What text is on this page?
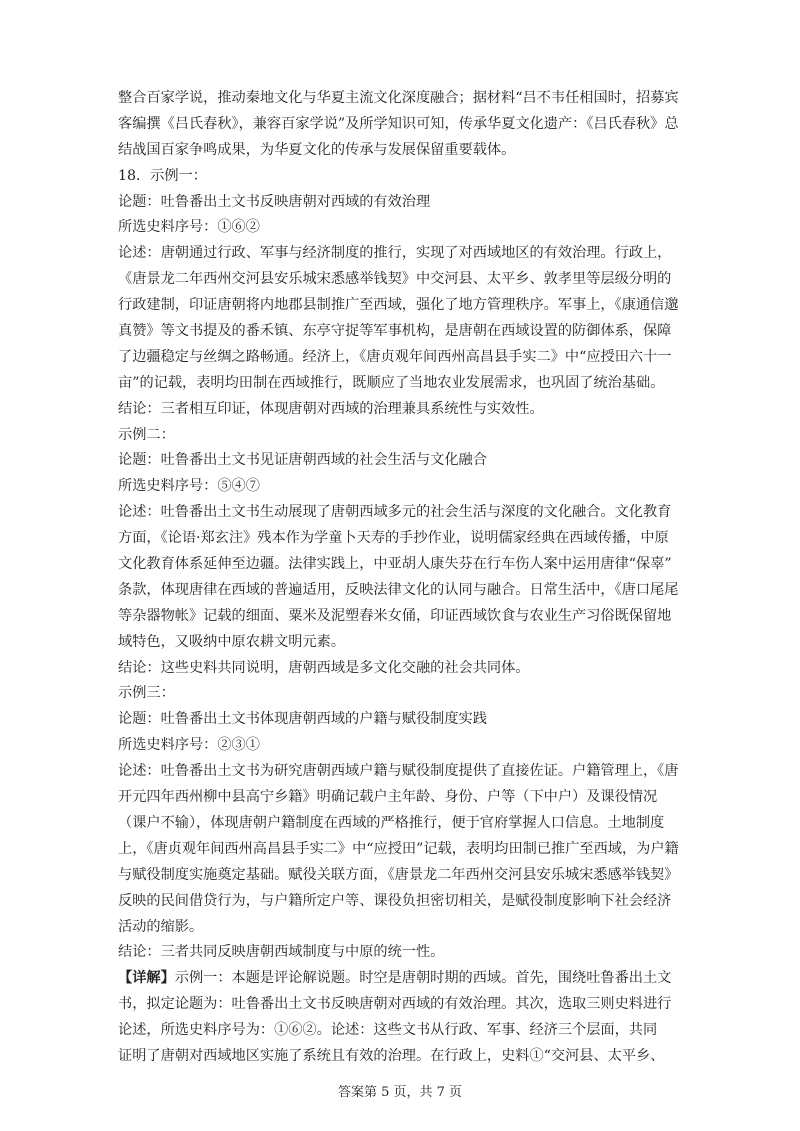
整合百家学说，推动秦地文化与华夏主流文化深度融合；据材料“吕不韦任相国时，招募宾
客编撰《吕氏春秋》，兼容百家学说”及所学知识可知，传承华夏文化遗产：《吕氏春秋》总
结战国百家争鸣成果，为华夏文化的传承与发展保留重要载体。
18．示例一：
论题：吐鲁番出土文书反映唐朝对西域的有效治理
所选史料序号：①⑥②
论述：唐朝通过行政、军事与经济制度的推行，实现了对西域地区的有效治理。行政上，
《唐景龙二年西州交河县安乐城宋悉感举钱契》中交河县、太平乡、敦孝里等层级分明的
行政建制，印证唐朝将内地郡县制推广至西域，强化了地方管理秩序。军事上，《康通信邈
真赞》等文书提及的番禾镇、东亭守捉等军事机构，是唐朝在西域设置的防御体系，保障
了边疆稳定与丝绸之路畅通。经济上，《唐贞观年间西州高昌县手实二》中“应授田六十一
亩”的记载，表明均田制在西域推行，既顺应了当地农业发展需求，也巩固了统治基础。
结论：三者相互印证，体现唐朝对西域的治理兼具系统性与实效性。
示例二：
论题：吐鲁番出土文书见证唐朝西域的社会生活与文化融合
所选史料序号：⑤④⑦
论述：吐鲁番出土文书生动展现了唐朝西域多元的社会生活与深度的文化融合。文化教育
方面，《论语·郑玄注》残本作为学童卜天寿的手抄作业，说明儒家经典在西域传播，中原
文化教育体系延伸至边疆。法律实践上，中亚胡人康失芬在行车伤人案中运用唐律“保辜”
条款，体现唐律在西域的普遍适用，反映法律文化的认同与融合。日常生活中，《唐口尾尾
等杂器物帐》记载的细面、粟米及泥塑舂米女俑，印证西域饮食与农业生产习俗既保留地
域特色，又吸纳中原农耕文明元素。
结论：这些史料共同说明，唐朝西域是多文化交融的社会共同体。
示例三：
论题：吐鲁番出土文书体现唐朝西域的户籍与赋役制度实践
所选史料序号：②③①
论述：吐鲁番出土文书为研究唐朝西域户籍与赋役制度提供了直接佐证。户籍管理上，《唐
开元四年西州柳中县高宁乡籍》明确记载户主年龄、身份、户等（下中户）及课役情况
（课户不输），体现唐朝户籍制度在西域的严格推行，便于官府掌握人口信息。土地制度
上，《唐贞观年间西州高昌县手实二》中“应授田”记载，表明均田制已推广至西域，为户籍
与赋役制度实施奠定基础。赋役关联方面，《唐景龙二年西州交河县安乐城宋悉感举钱契》
反映的民间借贷行为，与户籍所定户等、课役负担密切相关，是赋役制度影响下社会经济
活动的缩影。
结论：三者共同反映唐朝西域制度与中原的统一性。
【详解】示例一：本题是评论解说题。时空是唐朝时期的西域。首先，围绕吐鲁番出土文
书，拟定论题为：吐鲁番出土文书反映唐朝对西域的有效治理。其次，选取三则史料进行
论述，所选史料序号为：①⑥②。论述：这些文书从行政、军事、经济三个层面，共同
证明了唐朝对西域地区实施了系统且有效的治理。在行政上，史料①“交河县、太平乡、
答案第 5 页，共 7 页
